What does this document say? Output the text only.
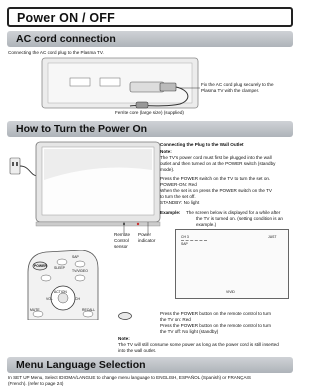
Power ON / OFF
AC cord connection
Connecting the AC cord plug to the Plasma TV.
Fix the AC cord plug securely to the
Plasma TV with the clamper.
Ferrite core (large size) (supplied)
How to Turn the Power On
Remote
Control
sensor
Power
indicator
Connecting the Plug to the Wall Outlet
Note:
The TV's power cord must first be plugged into the wall
outlet and then turned on at the POWER switch (standby
mode).
Press the POWER switch on the TV to turn the set on.
POWER-ON: Red
When the set is on press the POWER switch on the TV
to turn the set off.
STANDBY: No light
Example: The screen below is displayed for a while after
the TV is turned on. (setting condition is an
example.)
CH 3
SAP
JUST
VIVID
POWER
SAP
SLEEP
TV/VIDEO
ACTION
VOL	CH
RECALL
MUTE
Press the POWER button on the remote control to turn
the TV on: Red
Press the POWER button on the remote control to turn
the TV off: No light (standby)
Note:
The TV will still consume some power as long as the power cord is still inserted
into the wall outlet.
Menu Language Selection
In SET UP Menu, Select IDIOMA/LANGUE to change menu language to ENGLISH, ESPAÑOL (Spanish) or FRANÇAIS
(French). (refer to page 24)
